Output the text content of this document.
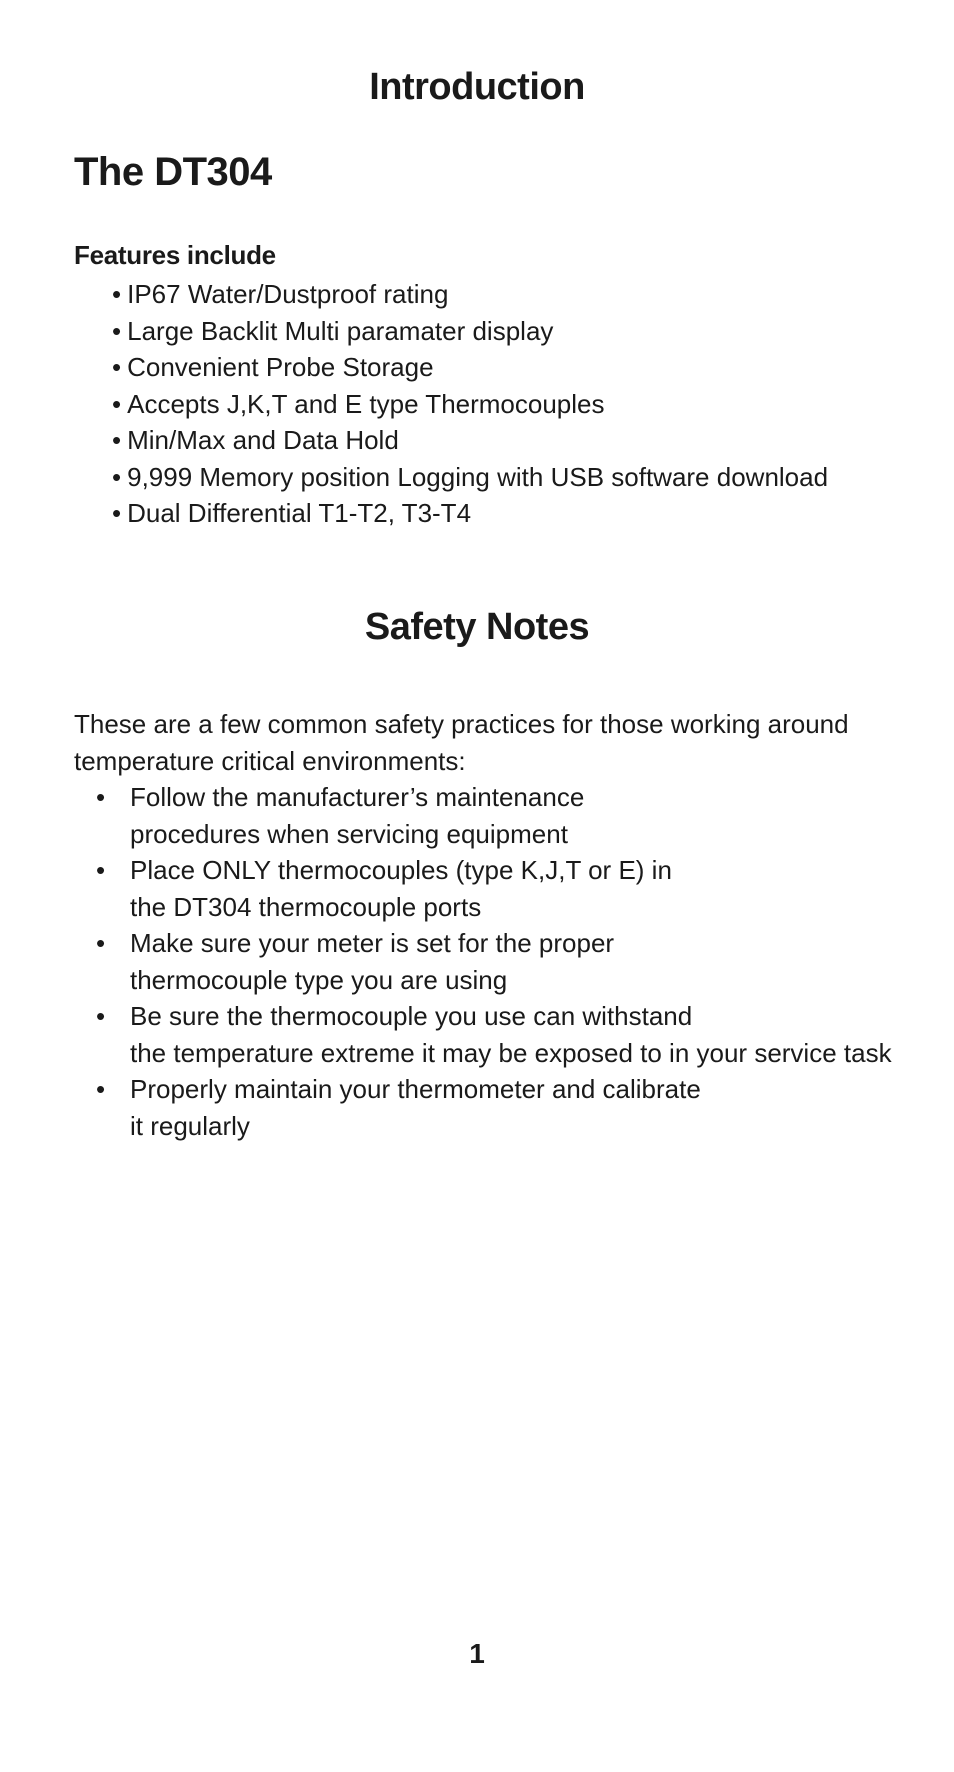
Introduction
The DT304
Features include
• IP67 Water/Dustproof rating
• Large Backlit Multi paramater display
• Convenient Probe Storage
• Accepts J,K,T and E type Thermocouples
• Min/Max and Data Hold
• 9,999 Memory position Logging with USB software download
• Dual Differential T1-T2, T3-T4
Safety Notes

These are a few common safety practices for those working around temperature critical environments:

• Follow the manufacturer’s maintenance
procedures when servicing equipment
• Place ONLY thermocouples (type K,J,T or E) in
the DT304 thermocouple ports
• Make sure your meter is set for the proper
thermocouple type you are using
• Be sure the thermocouple you use can withstand
the temperature extreme it may be exposed to in your service task
• Properly maintain your thermometer and calibrate
it regularly
1
